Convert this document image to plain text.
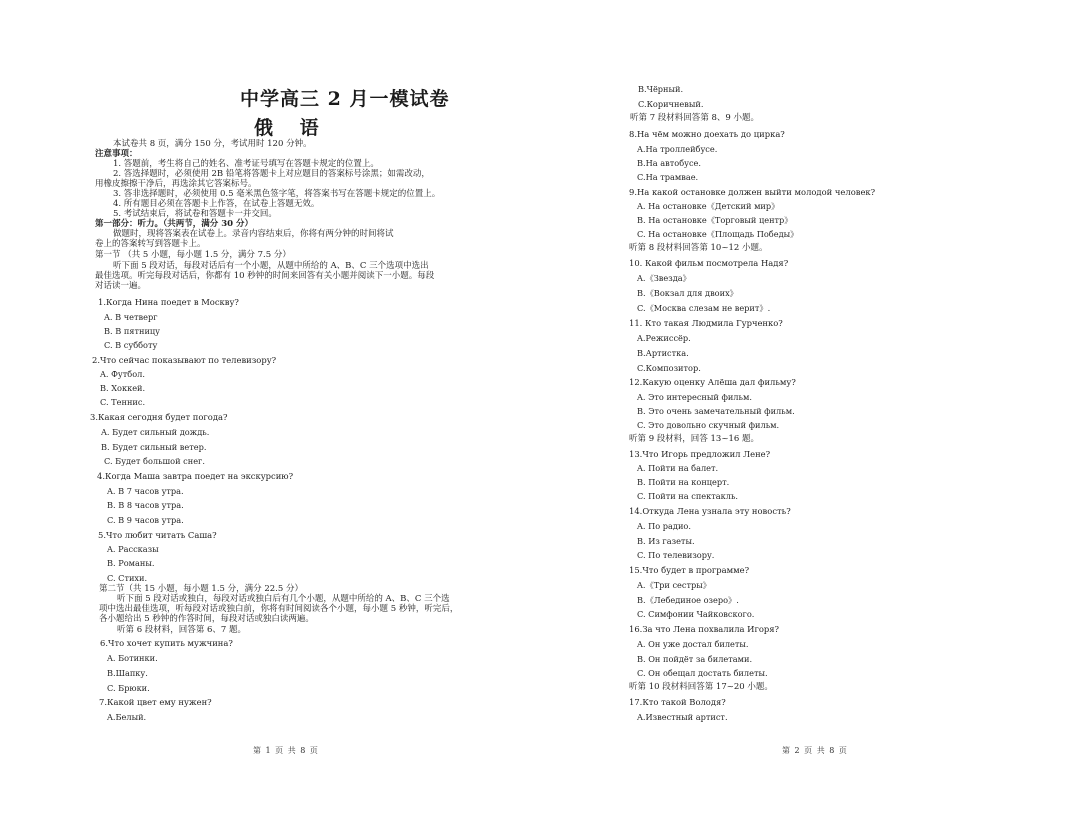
中学高三 2 月一模试卷
俄 语
本试卷共 8 页，满分 150 分，考试用时 120 分钟。
注意事项：
1. 答题前，考生将自己的姓名、准考证号填写在答题卡规定的位置上。
2. 答选择题时，必须使用 2B 铅笔将答题卡上对应题目的答案标号涂黑；如需改动，
用橡皮擦擦干净后，再选涂其它答案标号。
3. 答非选择题时，必须使用 0.5 毫米黑色签字笔，将答案书写在答题卡规定的位置上。
4. 所有题目必须在答题卡上作答，在试卷上答题无效。
5. 考试结束后，将试卷和答题卡一并交回。
第一部分：听力。（共两节，满分 30 分）
做题时，现将答案表在试卷上。录音内容结束后，你将有两分钟的时间将试
卷上的答案转写到答题卡上。
第一节 （共 5 小题，每小题 1.5 分，满分 7.5 分）
听下面 5 段对话，每段对话后有一个小题，从题中所给的 A、B、C 三个选项中选出
最佳选项。听完每段对话后，你都有 10 秒钟的时间来回答有关小题并阅读下一小题。每段
对话读一遍。
1.Когда Нина поедет в Москву?
A. В четверг
B. В пятницу
C. В субботу
2.Что сейчас показывают по телевизору?
A. Футбол.
B. Хоккей.
C. Теннис.
3.Какая сегодня будет погода?
A. Будет сильный дождь.
B. Будет сильный ветер.
C. Будет большой снег.
4.Когда Маша завтра поедет на экскурсию?
A. В 7 часов утра.
B. В 8 часов утра.
C. В 9 часов утра.
5.Что любит читать Саша?
A. Рассказы
B. Романы.
C. Стихи.
第二节（共 15 小题，每小题 1.5 分，满分 22.5 分）
听下面 5 段对话或独白，每段对话或独白后有几个小题，从题中所给的 A、B、C 三个选
项中选出最佳选项，听每段对话或独白前，你将有时间阅读各个小题，每小题 5 秒钟，听完后，
各小题给出 5 秒钟的作答时间，每段对话或独白读两遍。
听第 6 段材料，回答第 6、7 题。
6.Что хочет купить мужчина?
A. Ботинки.
B.Шапку.
C. Брюки.
7.Какой цвет ему нужен?
A.Белый.
第 1 页 共 8 页
B.Чёрный.
C.Коричневый.
听第 7 段材料回答第 8、9 小题。
8.На чём можно доехать до цирка?
A.На троллейбусе.
B.На автобусе.
C.На трамвае.
9.На какой остановке должен выйти молодой человек?
A. На остановке《Детский мир》
B. На остановке《Торговый центр》
C. На остановке《Площадь Победы》
听第 8 段材料回答第 10~12 小题。
10. Какой фильм посмотрела Надя?
A.《Звезда》
B.《Вокзал для двоих》
C.《Москва слезам не верит》.
11. Кто такая Людмила Гурченко?
A.Режиссёр.
B.Артистка.
C.Композитор.
12.Какую оценку Алёша дал фильму?
A. Это интересный фильм.
B. Это очень замечательный фильм.
C. Это довольно скучный фильм.
听第 9 段材料，回答 13~16 题。
13.Что Игорь предложил Лене?
A. Пойти на балет.
B. Пойти на концерт.
C. Пойти на спектакль.
14.Откуда Лена узнала эту новость?
A. По радио.
B. Из газеты.
C. По телевизору.
15.Что будет в программе?
A.《Три сестры》
B.《Лебединое озеро》.
C. Симфонии Чайковского.
16.За что Лена похвалила Игоря?
A. Он уже достал билеты.
B. Он пойдёт за билетами.
C. Он обещал достать билеты.
听第 10 段材料回答第 17~20 小题。
17.Кто такой Володя?
A.Известный артист.
第 2 页 共 8 页
